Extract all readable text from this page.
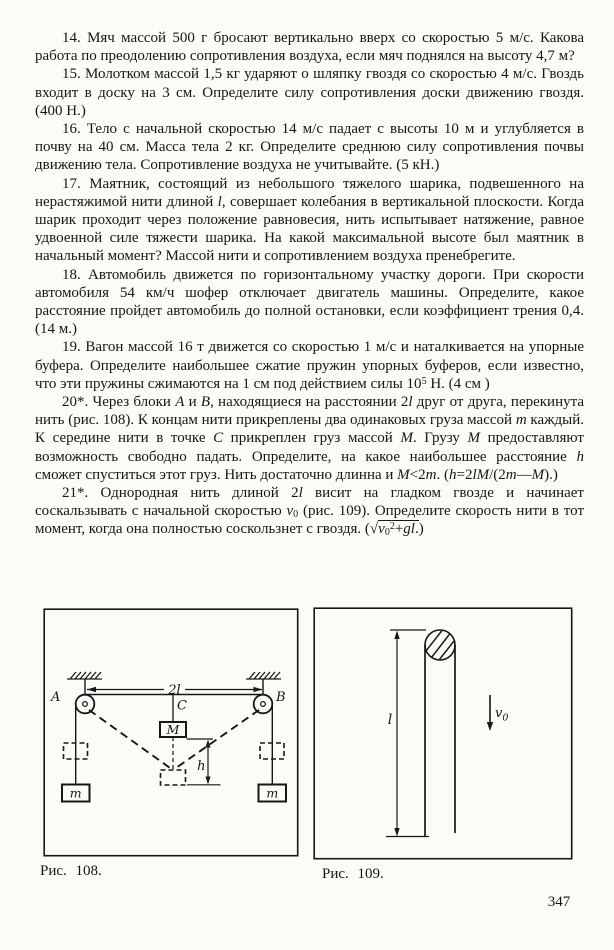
14. Мяч массой 500 г бросают вертикально вверх со скоростью 5 м/с. Какова работа по преодолению сопротивления воздуха, если мяч поднялся на высоту 4,7 м?

15. Молотком массой 1,5 кг ударяют о шляпку гвоздя со скоростью 4 м/с. Гвоздь входит в доску на 3 см. Определите силу сопротивления доски движению гвоздя. (400 Н.)

16. Тело с начальной скоростью 14 м/с падает с высоты 10 м и углубляется в почву на 40 см. Масса тела 2 кг. Определите среднюю силу сопротивления почвы движению тела. Сопротивление воздуха не учитывайте. (5 кН.)

17. Маятник, состоящий из небольшого тяжелого шарика, подвешенного на нерастяжимой нити длиной l, совершает колебания в вертикальной плоскости. Когда шарик проходит через положение равновесия, нить испытывает натяжение, равное удвоенной силе тяжести шарика. На какой максимальной высоте был маятник в начальный момент? Массой нити и сопротивлением воздуха пренебрегите.

18. Автомобиль движется по горизонтальному участку дороги. При скорости автомобиля 54 км/ч шофер отключает двигатель машины. Определите, какое расстояние пройдет автомобиль до полной остановки, если коэффициент трения 0,4. (14 м.)

19. Вагон массой 16 т движется со скоростью 1 м/с и наталкивается на упорные буфера. Определите наибольшее сжатие пружин упорных буферов, если известно, что эти пружины сжимаются на 1 см под действием силы $10^5$ Н. (4 см )

20*. Через блоки A и B, находящиеся на расстоянии 2l друг от друга, перекинута нить (рис. 108). К концам нити прикреплены два одинаковых груза массой m каждый. К середине нити в точке C прикреплен груз массой M. Грузу M предоставляют возможность свободно падать. Определите, на какое наибольшее расстояние h сможет спуститься этот груз. Нить достаточно длинна и M<2m. (h=2lM/(2m—M).)

21*. Однородная нить длиной 2l висит на гладком гвозде и начинает соскальзывать с начальной скоростью $v_0$ (рис. 109). Определите скорость нити в тот момент, когда она полностью соскользнет с гвоздя. $(√v_0^2+gl.)$

2l
A	B
C
M
h
m	m
l	$v_0$
Рис. 108.	Рис. 109.
347
